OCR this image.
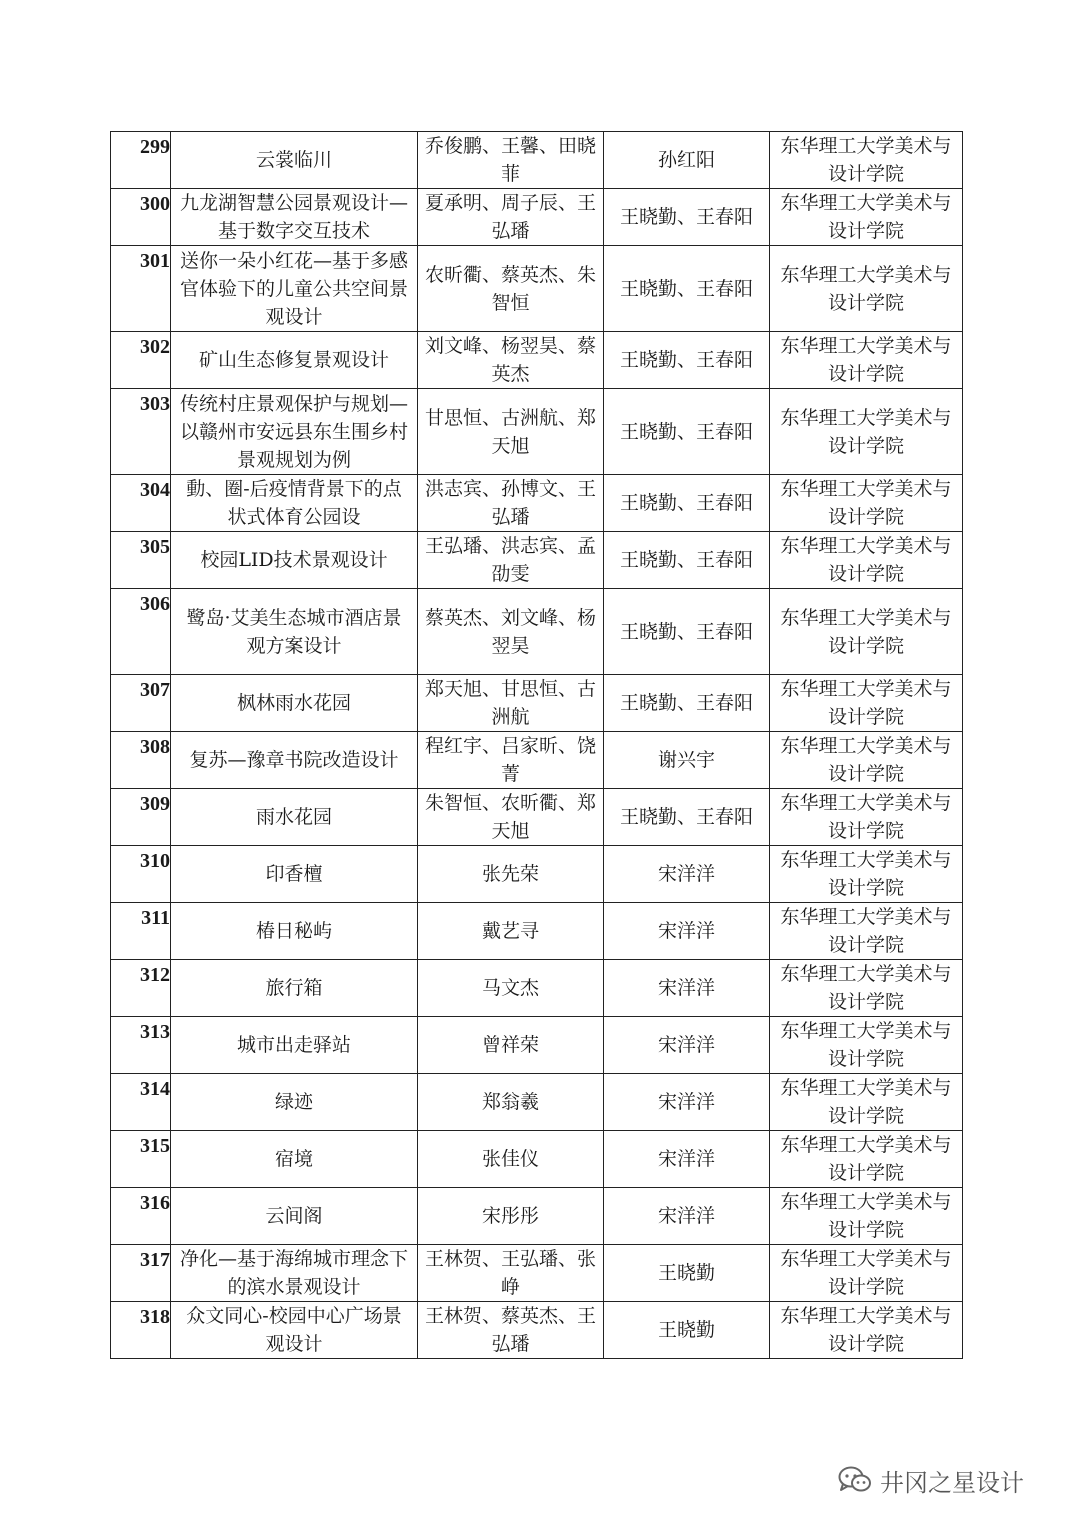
299	云裳临川	乔俊鹏、王馨、田晓菲	孙红阳	东华理工大学美术与设计学院

300	九龙湖智慧公园景观设计—基于数字交互技术	夏承明、周子辰、王弘璠	王晓勤、王春阳	东华理工大学美术与设计学院

301	送你一朵小红花—基于多感官体验下的儿童公共空间景观设计	农昕衢、蔡英杰、朱智恒	王晓勤、王春阳	东华理工大学美术与设计学院

302	矿山生态修复景观设计	刘文峰、杨翌昊、蔡英杰	王晓勤、王春阳	东华理工大学美术与设计学院

303	传统村庄景观保护与规划—以赣州市安远县东生围乡村景观规划为例	甘思恒、古洲航、郑天旭	王晓勤、王春阳	东华理工大学美术与设计学院

304	動、圈-后疫情背景下的点状式体育公园设	洪志宾、孙博文、王弘璠	王晓勤、王春阳	东华理工大学美术与设计学院

305	校园LID技术景观设计	王弘璠、洪志宾、孟劭雯	王晓勤、王春阳	东华理工大学美术与设计学院

306	鹭岛·艾美生态城市酒店景观方案设计	蔡英杰、刘文峰、杨翌昊	王晓勤、王春阳	东华理工大学美术与设计学院

307	枫林雨水花园	郑天旭、甘思恒、古洲航	王晓勤、王春阳	东华理工大学美术与设计学院

308	复苏—豫章书院改造设计	程红宇、吕家昕、饶菁	谢兴宇	东华理工大学美术与设计学院

309	雨水花园	朱智恒、农昕衢、郑天旭	王晓勤、王春阳	东华理工大学美术与设计学院

310	印香檀	张先荣	宋洋洋	东华理工大学美术与设计学院

311	椿日秘屿	戴艺寻	宋洋洋	东华理工大学美术与设计学院

312	旅行箱	马文杰	宋洋洋	东华理工大学美术与设计学院

313	城市出走驿站	曾祥荣	宋洋洋	东华理工大学美术与设计学院

314	绿迹	郑翁羲	宋洋洋	东华理工大学美术与设计学院

315	宿境	张佳仪	宋洋洋	东华理工大学美术与设计学院

316	云间阁	宋彤彤	宋洋洋	东华理工大学美术与设计学院

317	净化—基于海绵城市理念下的滨水景观设计	王林贺、王弘璠、张峥	王晓勤	东华理工大学美术与设计学院

318	众文同心-校园中心广场景观设计	王林贺、蔡英杰、王弘璠	王晓勤	东华理工大学美术与设计学院
井冈之星设计
